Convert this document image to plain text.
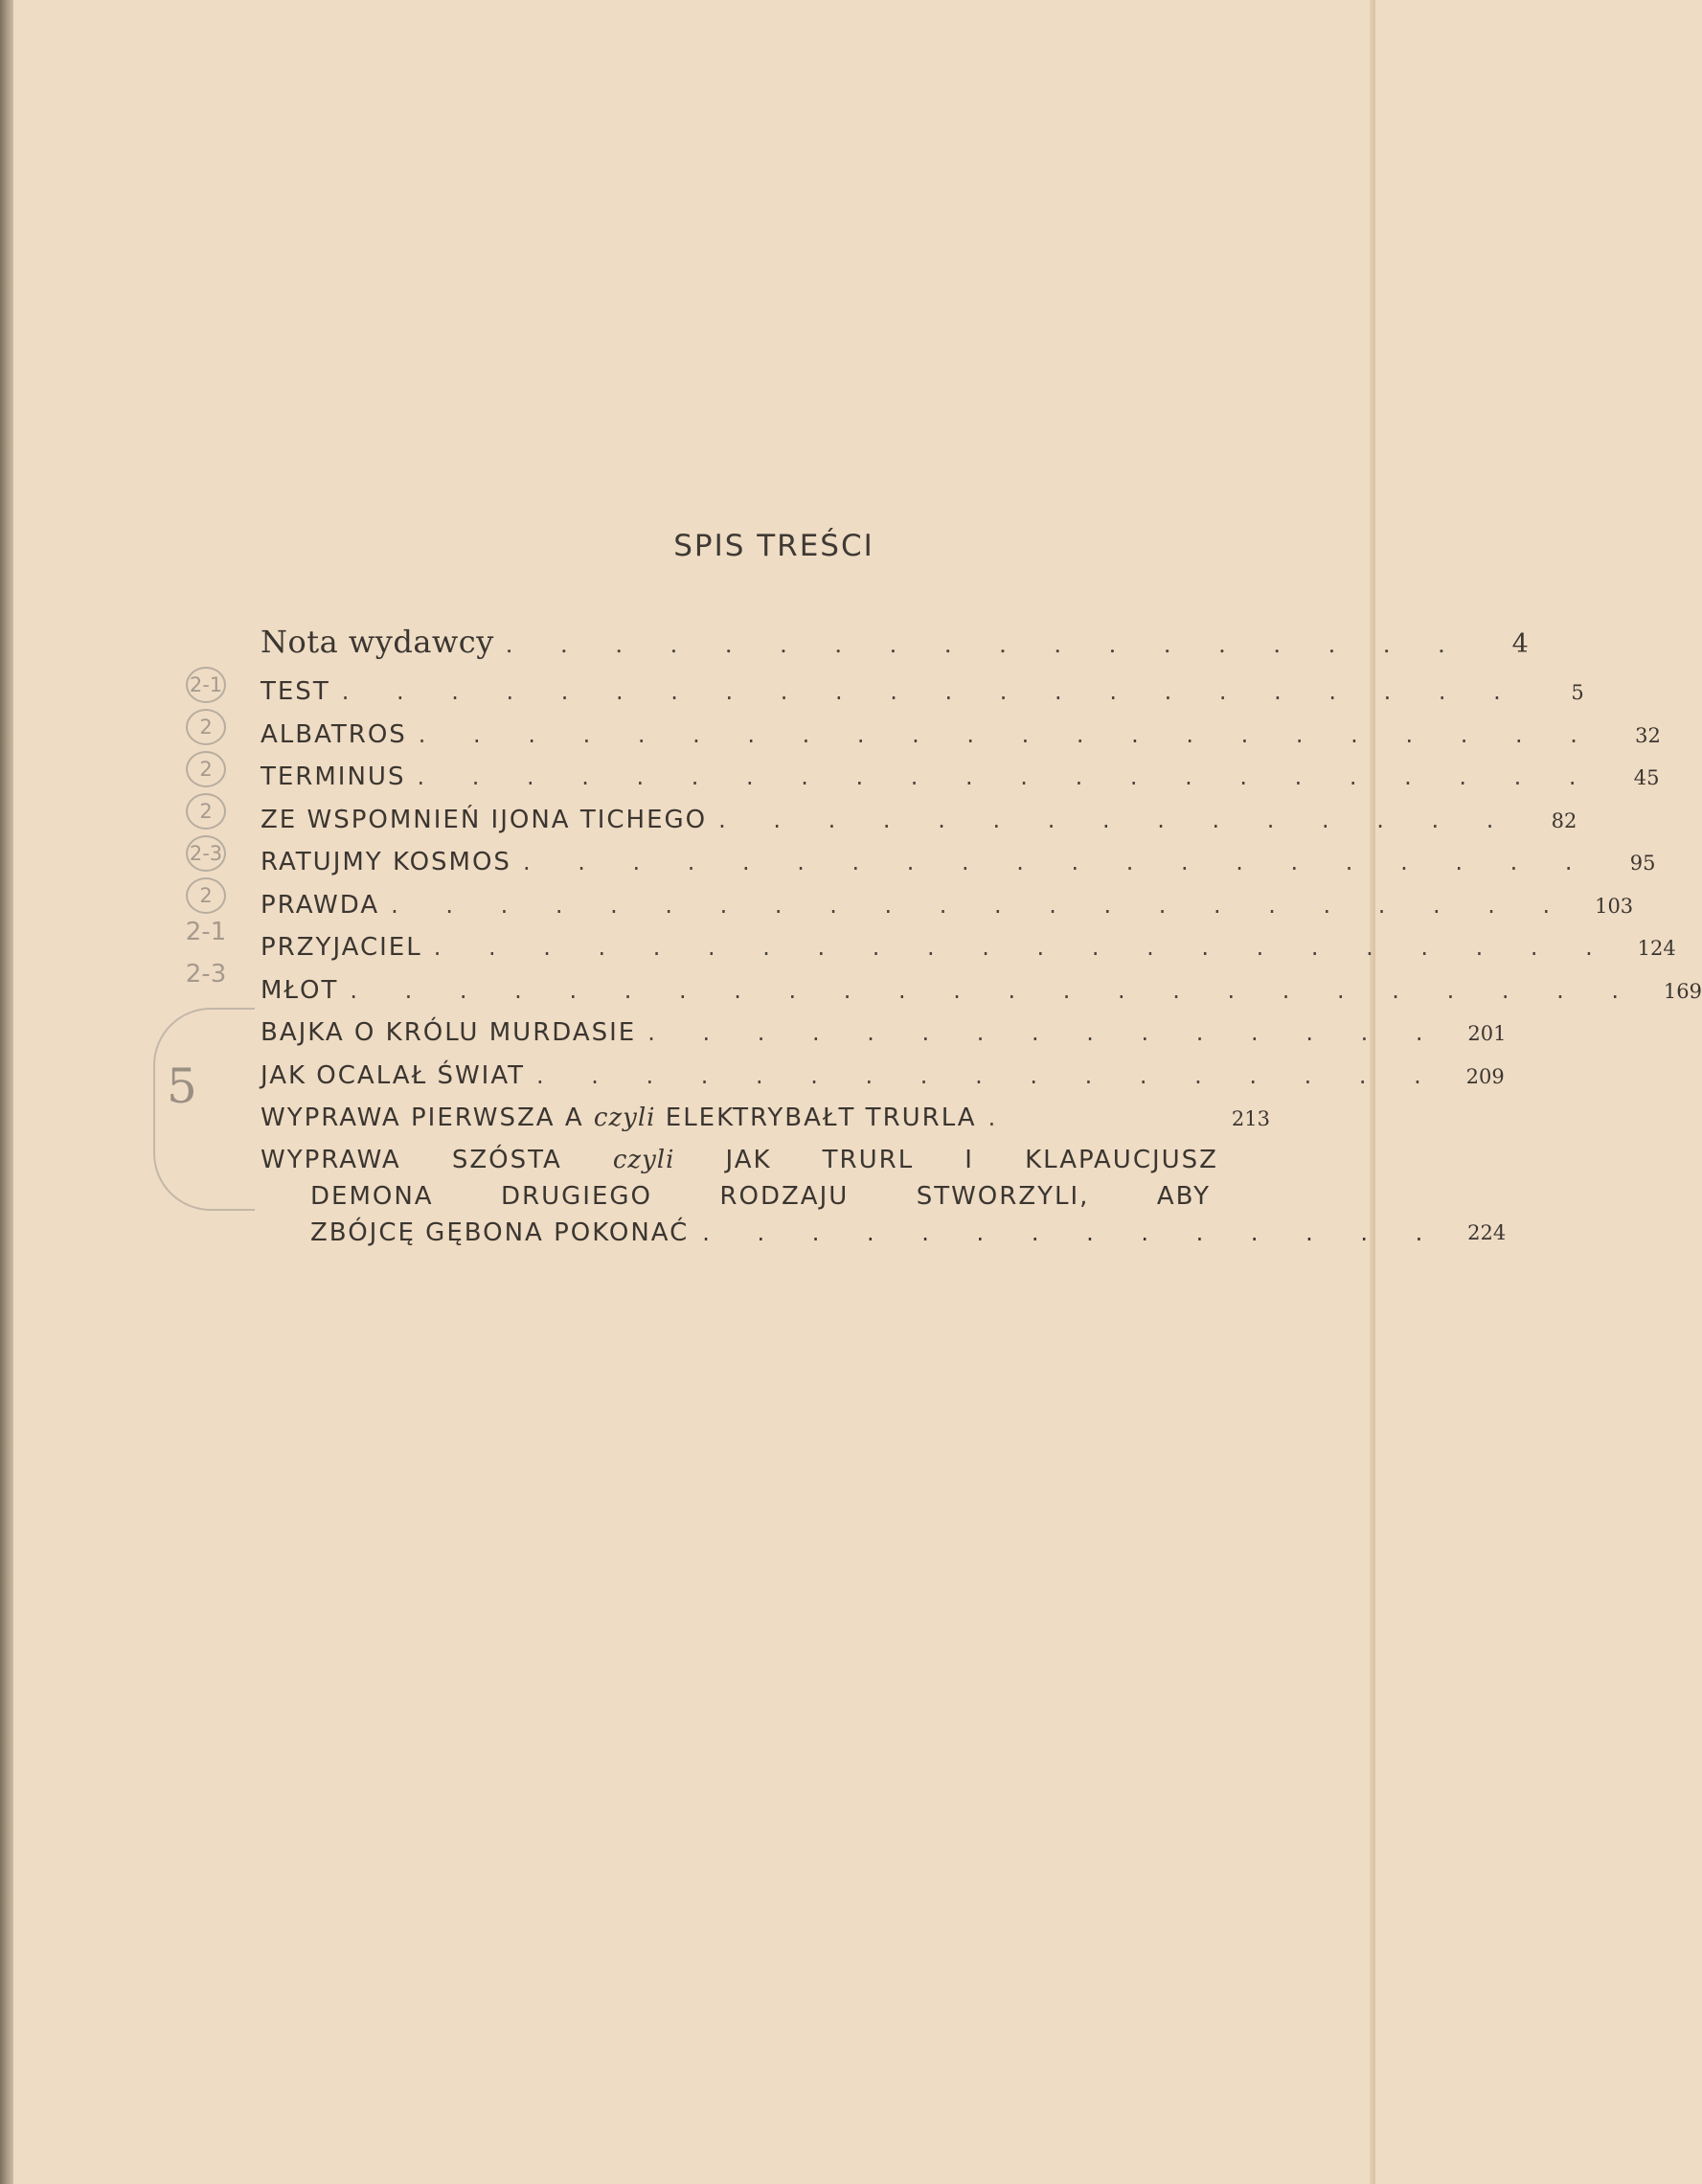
SPIS TREŚCI
Nota wydawcy . . . . . . . . . . . . . . . . . .	4
TEST . . . . . . . . . . . . . . . . . . . . . .	5
ALBATROS . . . . . . . . . . . . . . . . . . . . . .	32
TERMINUS . . . . . . . . . . . . . . . . . . . . . .	45
ZE WSPOMNIEŃ IJONA TICHEGO . . . . . . . . . . . . . . .	82
RATUJMY KOSMOS . . . . . . . . . . . . . . . . . . . .	95
PRAWDA . . . . . . . . . . . . . . . . . . . . . .	103
PRZYJACIEL . . . . . . . . . . . . . . . . . . . . . .	124
MŁOT . . . . . . . . . . . . . . . . . . . . . . . .	169
BAJKA O KRÓLU MURDASIE . . . . . . . . . . . . . . .	201
JAK OCALAŁ ŚWIAT . . . . . . . . . . . . . . . . .	209
WYPRAWA PIERWSZA A czyli ELEKTRYBAŁT TRURLA .	213
WYPRAWA SZÓSTA czyli JAK TRURL I KLAPAUCJUSZ
DEMONA	DRUGIEGO	RODZAJU	STWORZYLI,	ABY
ZBÓJCĘ GĘBONA POKONAĆ . . . . . . . . . . . . . .	224
2-1
2
2
2
2-3
2
2-1
2-3
5
